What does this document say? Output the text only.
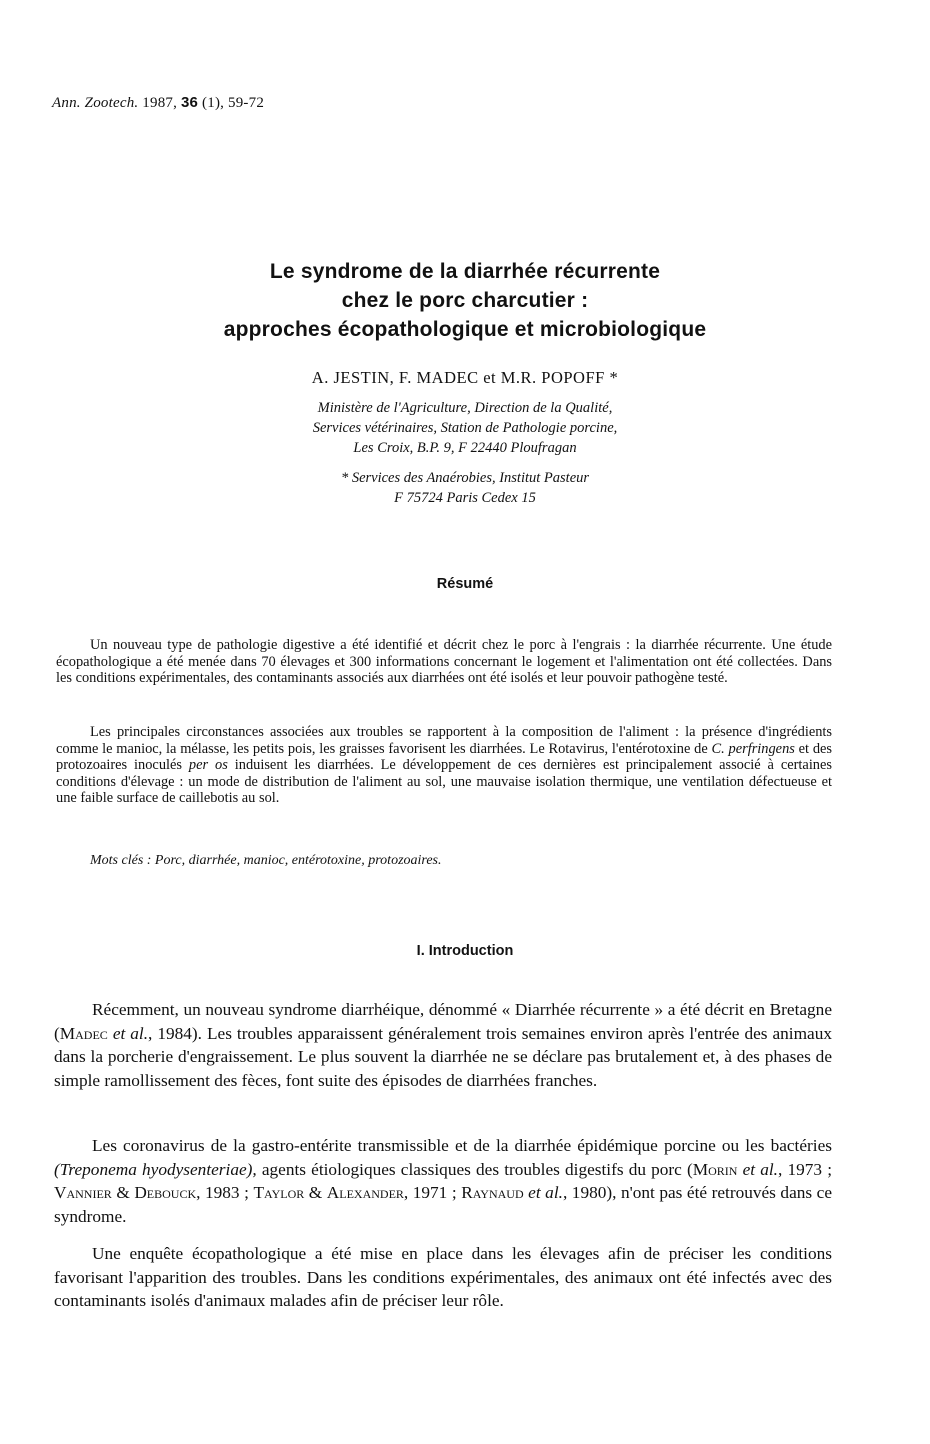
Ann. Zootech. 1987, 36 (1), 59-72
Le syndrome de la diarrhée récurrente
chez le porc charcutier :
approches écopathologique et microbiologique
A. JESTIN, F. MADEC et M.R. POPOFF *
Ministère de l'Agriculture, Direction de la Qualité,
Services vétérinaires, Station de Pathologie porcine,
Les Croix, B.P. 9, F 22440 Ploufragan
* Services des Anaérobies, Institut Pasteur
F 75724 Paris Cedex 15
Résumé

Un nouveau type de pathologie digestive a été identifié et décrit chez le porc à l'engrais : la diarrhée récurrente. Une étude écopathologique a été menée dans 70 élevages et 300 informations concernant le logement et l'alimentation ont été collectées. Dans les conditions expérimentales, des contaminants associés aux diarrhées ont été isolés et leur pouvoir pathogène testé.

Les principales circonstances associées aux troubles se rapportent à la composition de l'aliment : la présence d'ingrédients comme le manioc, la mélasse, les petits pois, les graisses favorisent les diarrhées. Le Rotavirus, l'entérotoxine de C. perfringens et des protozoaires inoculés per os induisent les diarrhées. Le développement de ces dernières est principalement associé à certaines conditions d'élevage : un mode de distribution de l'aliment au sol, une mauvaise isolation thermique, une ventilation défectueuse et une faible surface de caillebotis au sol.

Mots clés : Porc, diarrhée, manioc, entérotoxine, protozoaires.
I. Introduction

Récemment, un nouveau syndrome diarrhéique, dénommé « Diarrhée récurrente » a été décrit en Bretagne (Madec et al., 1984). Les troubles apparaissent généralement trois semaines environ après l'entrée des animaux dans la porcherie d'engraissement. Le plus souvent la diarrhée ne se déclare pas brutalement et, à des phases de simple ramollissement des fèces, font suite des épisodes de diarrhées franches.

Les coronavirus de la gastro-entérite transmissible et de la diarrhée épidémique porcine ou les bactéries (Treponema hyodysenteriae), agents étiologiques classiques des troubles digestifs du porc (Morin et al., 1973 ; Vannier & Debouck, 1983 ; Taylor & Alexander, 1971 ; Raynaud et al., 1980), n'ont pas été retrouvés dans ce syndrome.

Une enquête écopathologique a été mise en place dans les élevages afin de préciser les conditions favorisant l'apparition des troubles. Dans les conditions expérimentales, des animaux ont été infectés avec des contaminants isolés d'animaux malades afin de préciser leur rôle.
